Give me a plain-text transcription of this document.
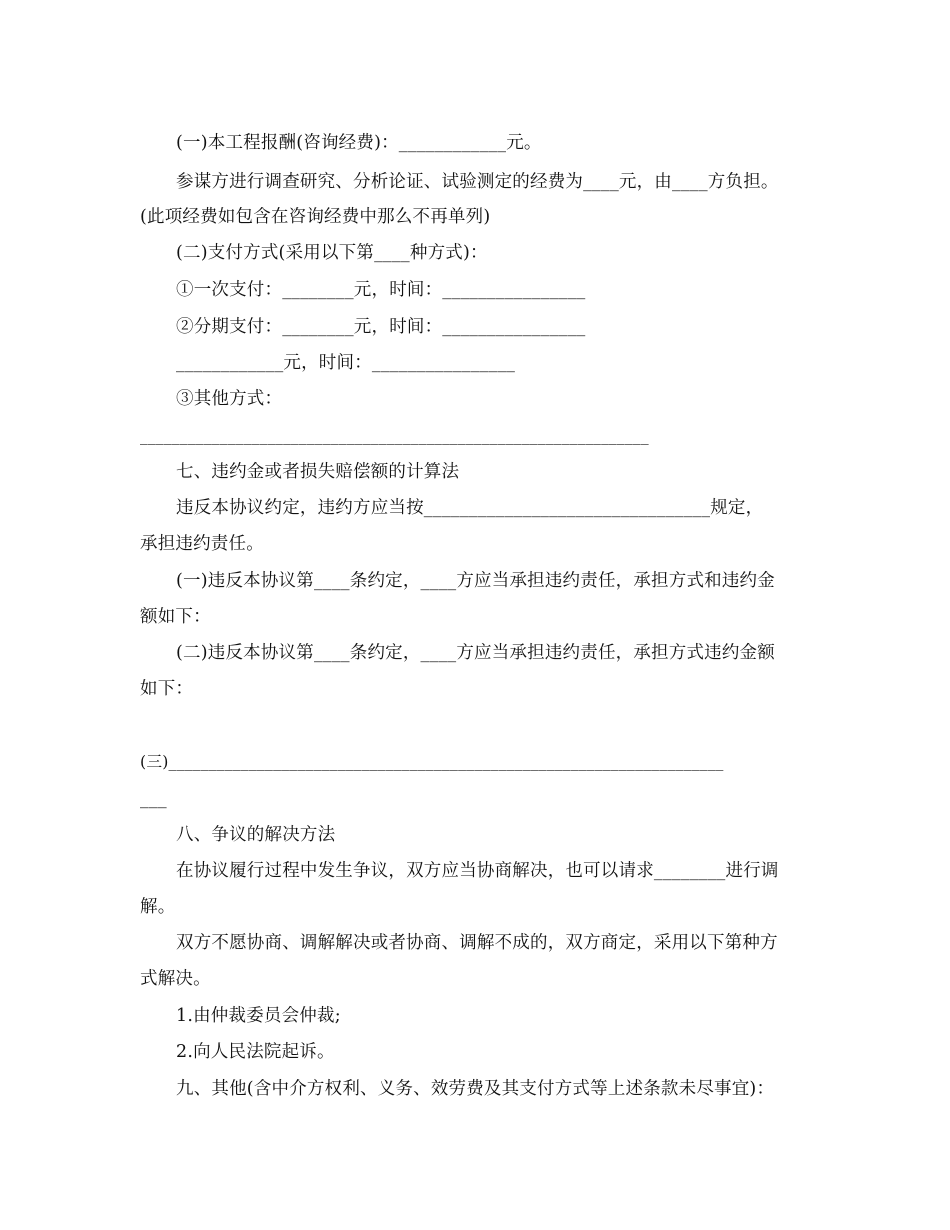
(一)本工程报酬(咨询经费)：____________元。
参谋方进行调查研究、分析论证、试验测定的经费为____元，由____方负担。
(此项经费如包含在咨询经费中那么不再单列)
(二)支付方式(采用以下第____种方式)：
①一次支付：________元，时间：________________
②分期支付：________元，时间：________________
____________元，时间：________________
③其他方式：
________________________________________________________________
七、违约金或者损失赔偿额的计算法
违反本协议约定，违约方应当按________________________________规定，
承担违约责任。
(一)违反本协议第____条约定，____方应当承担违约责任，承担方式和违约金
额如下：
(二)违反本协议第____条约定，____方应当承担违约责任，承担方式违约金额
如下：
(三)_____________________________________________________________________
___
八、争议的解决方法
在协议履行过程中发生争议，双方应当协商解决，也可以请求________进行调
解。
双方不愿协商、调解解决或者协商、调解不成的，双方商定，采用以下第种方
式解决。
1.由仲裁委员会仲裁;
2.向人民法院起诉。
九、其他(含中介方权利、义务、效劳费及其支付方式等上述条款未尽事宜)：
